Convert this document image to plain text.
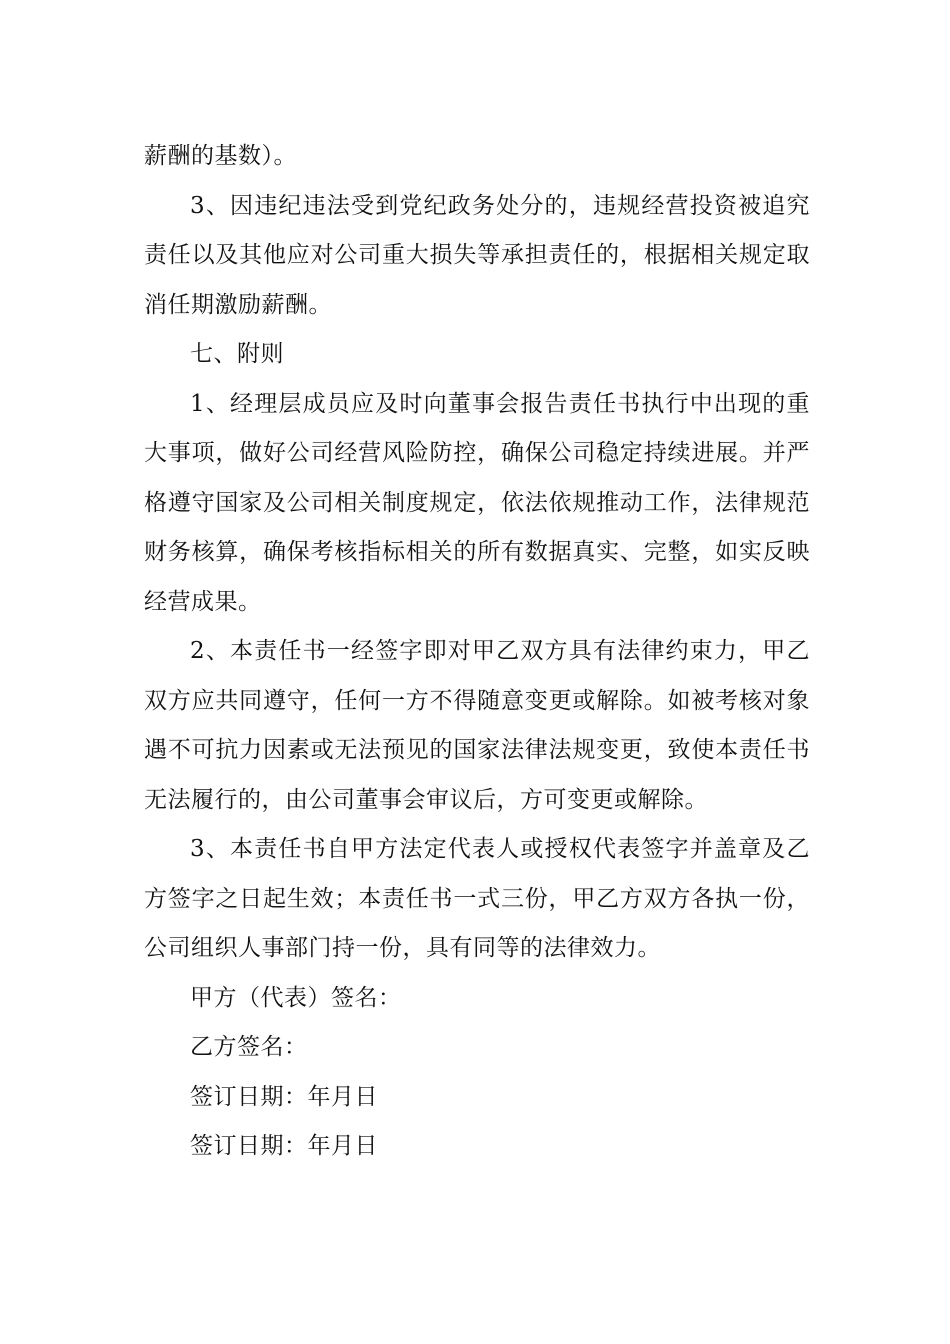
薪酬的基数）。

3、因违纪违法受到党纪政务处分的，违规经营投资被追究责任以及其他应对公司重大损失等承担责任的，根据相关规定取消任期激励薪酬。

七、附则

1、经理层成员应及时向董事会报告责任书执行中出现的重大事项，做好公司经营风险防控，确保公司稳定持续进展。并严格遵守国家及公司相关制度规定，依法依规推动工作，法律规范财务核算，确保考核指标相关的所有数据真实、完整，如实反映经营成果。

2、本责任书一经签字即对甲乙双方具有法律约束力，甲乙双方应共同遵守，任何一方不得随意变更或解除。如被考核对象遇不可抗力因素或无法预见的国家法律法规变更，致使本责任书无法履行的，由公司董事会审议后，方可变更或解除。

3、本责任书自甲方法定代表人或授权代表签字并盖章及乙方签字之日起生效；本责任书一式三份，甲乙方双方各执一份，公司组织人事部门持一份，具有同等的法律效力。

甲方（代表）签名：

乙方签名：

签订日期：年月日

签订日期：年月日
